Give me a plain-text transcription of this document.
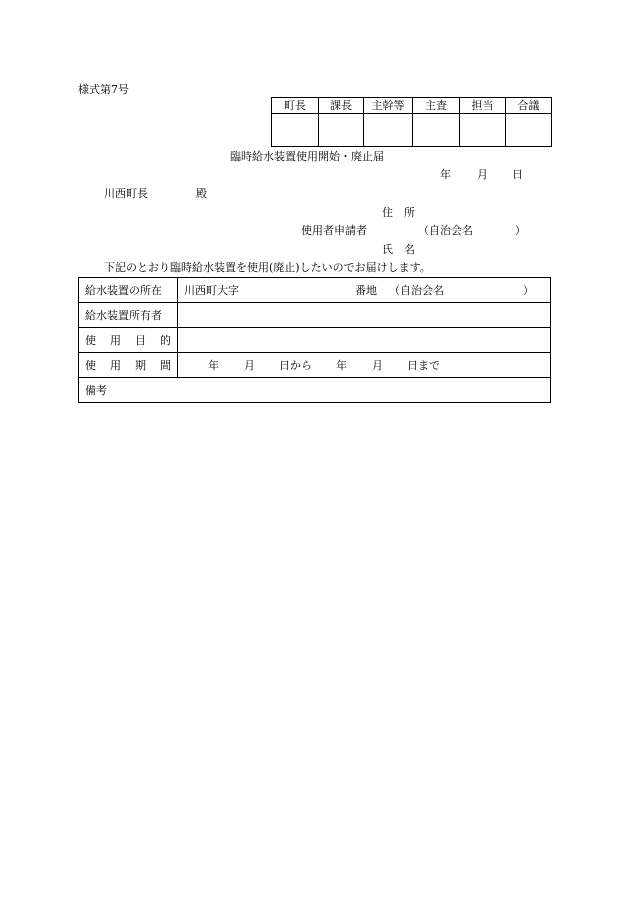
様式第7号
町長	課長	主幹等	主査	担当	合議

臨時給水装置使用開始・廃止届
年 月 日
川西町長	殿
住　所
使用者申請者	（自治会名	）
氏　名
下記のとおり臨時給水装置を使用(廃止)したいのでお届けします。
給水装置の所在	川西町大字 番地 （自治会名 ）
給水装置所有者	

使 用 目 的	

使 用 期 間	年 月 日から 年 月 日まで
備考	
